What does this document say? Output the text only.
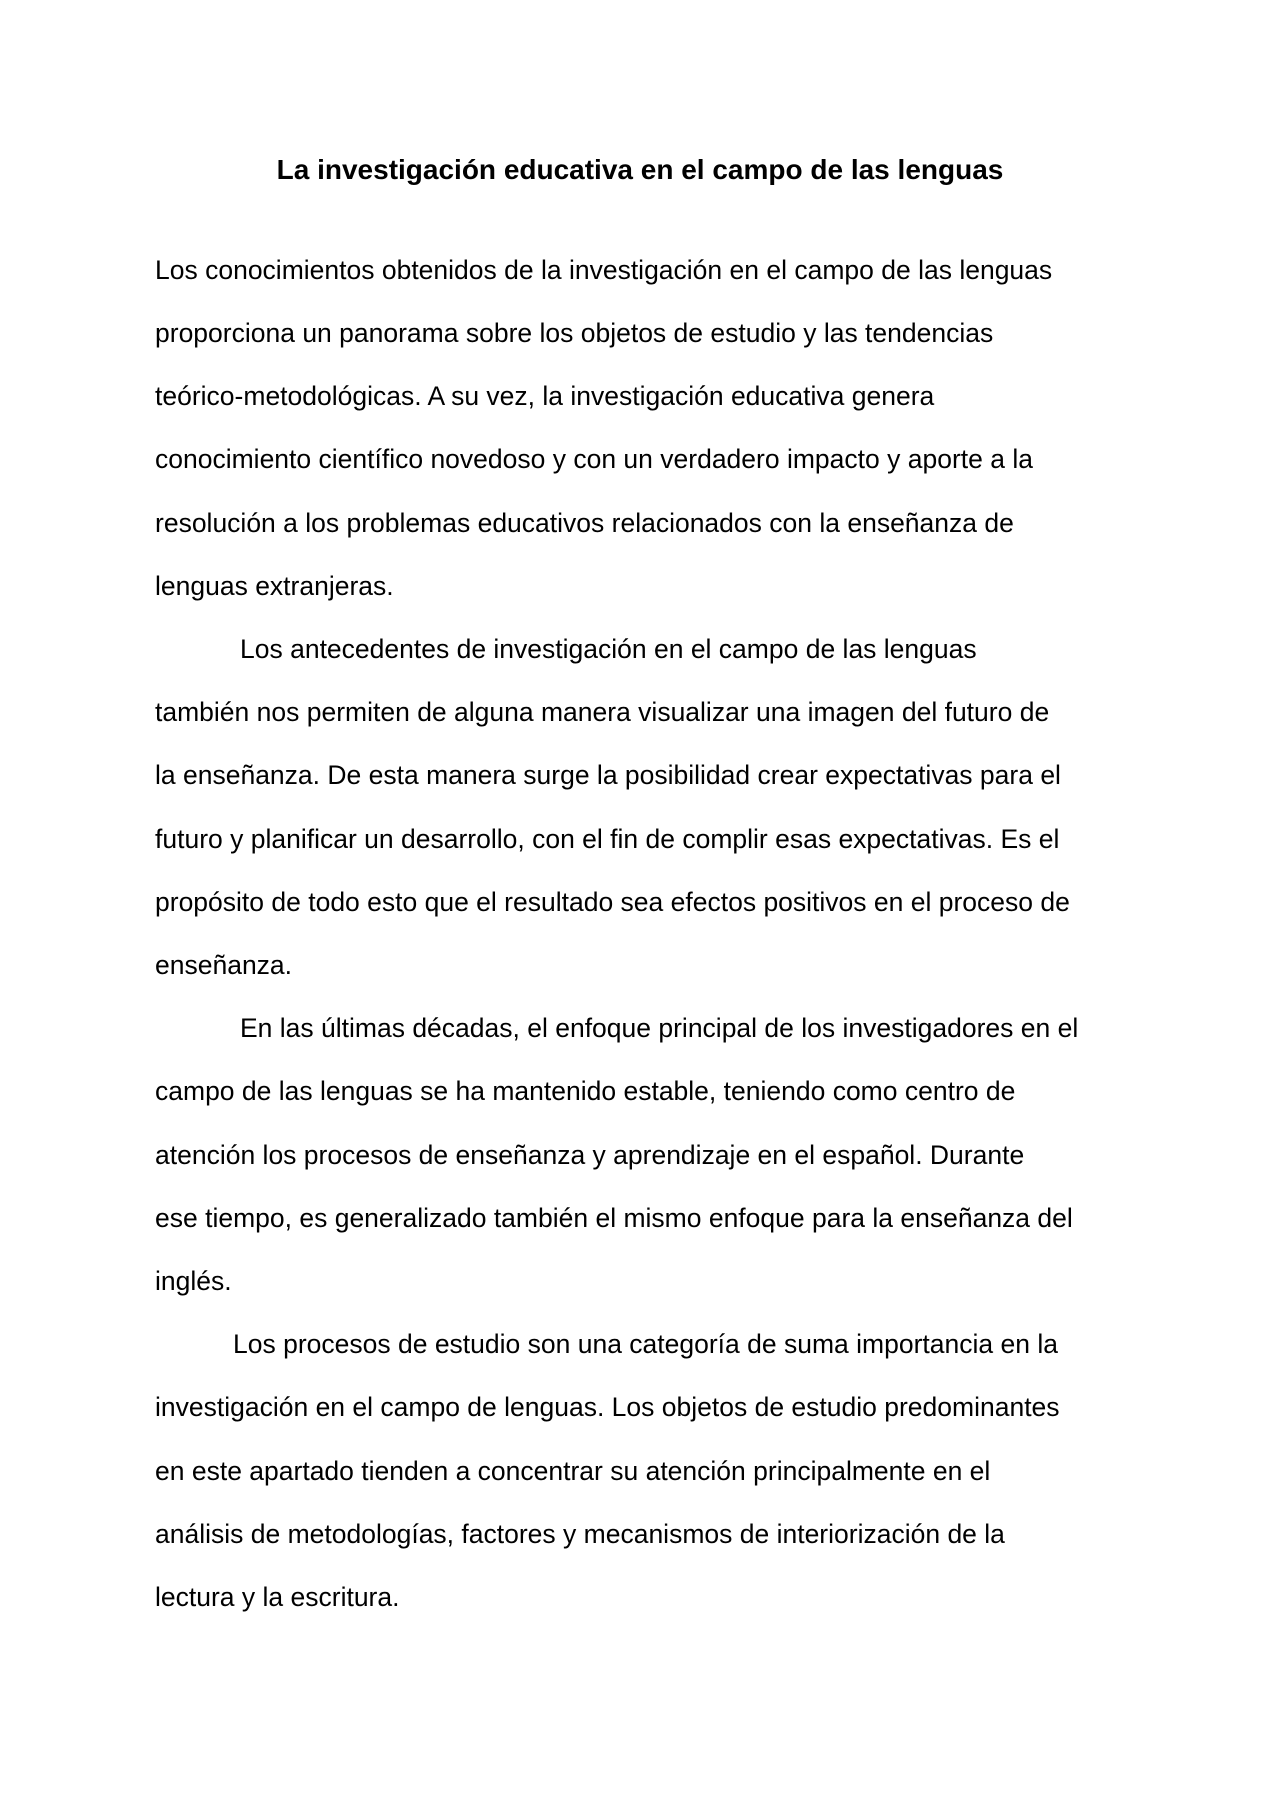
La investigación educativa en el campo de las lenguas
Los conocimientos obtenidos de la investigación en el campo de las lenguas
proporciona un panorama sobre los objetos de estudio y las tendencias
teórico-metodológicas. A su vez, la investigación educativa genera
conocimiento científico novedoso y con un verdadero impacto y aporte a la
resolución a los problemas educativos relacionados con la enseñanza de
lenguas extranjeras.
Los antecedentes de investigación en el campo de las lenguas
también nos permiten de alguna manera visualizar una imagen del futuro de
la enseñanza. De esta manera surge la posibilidad crear expectativas para el
futuro y planificar un desarrollo, con el fin de complir esas expectativas. Es el
propósito de todo esto que el resultado sea efectos positivos en el proceso de
enseñanza.
En las últimas décadas, el enfoque principal de los investigadores en el
campo de las lenguas se ha mantenido estable, teniendo como centro de
atención los procesos de enseñanza y aprendizaje en el español. Durante
ese tiempo, es generalizado también el mismo enfoque para la enseñanza del
inglés.
Los procesos de estudio son una categoría de suma importancia en la
investigación en el campo de lenguas. Los objetos de estudio predominantes
en este apartado tienden a concentrar su atención principalmente en el
análisis de metodologías, factores y mecanismos de interiorización de la
lectura y la escritura.
